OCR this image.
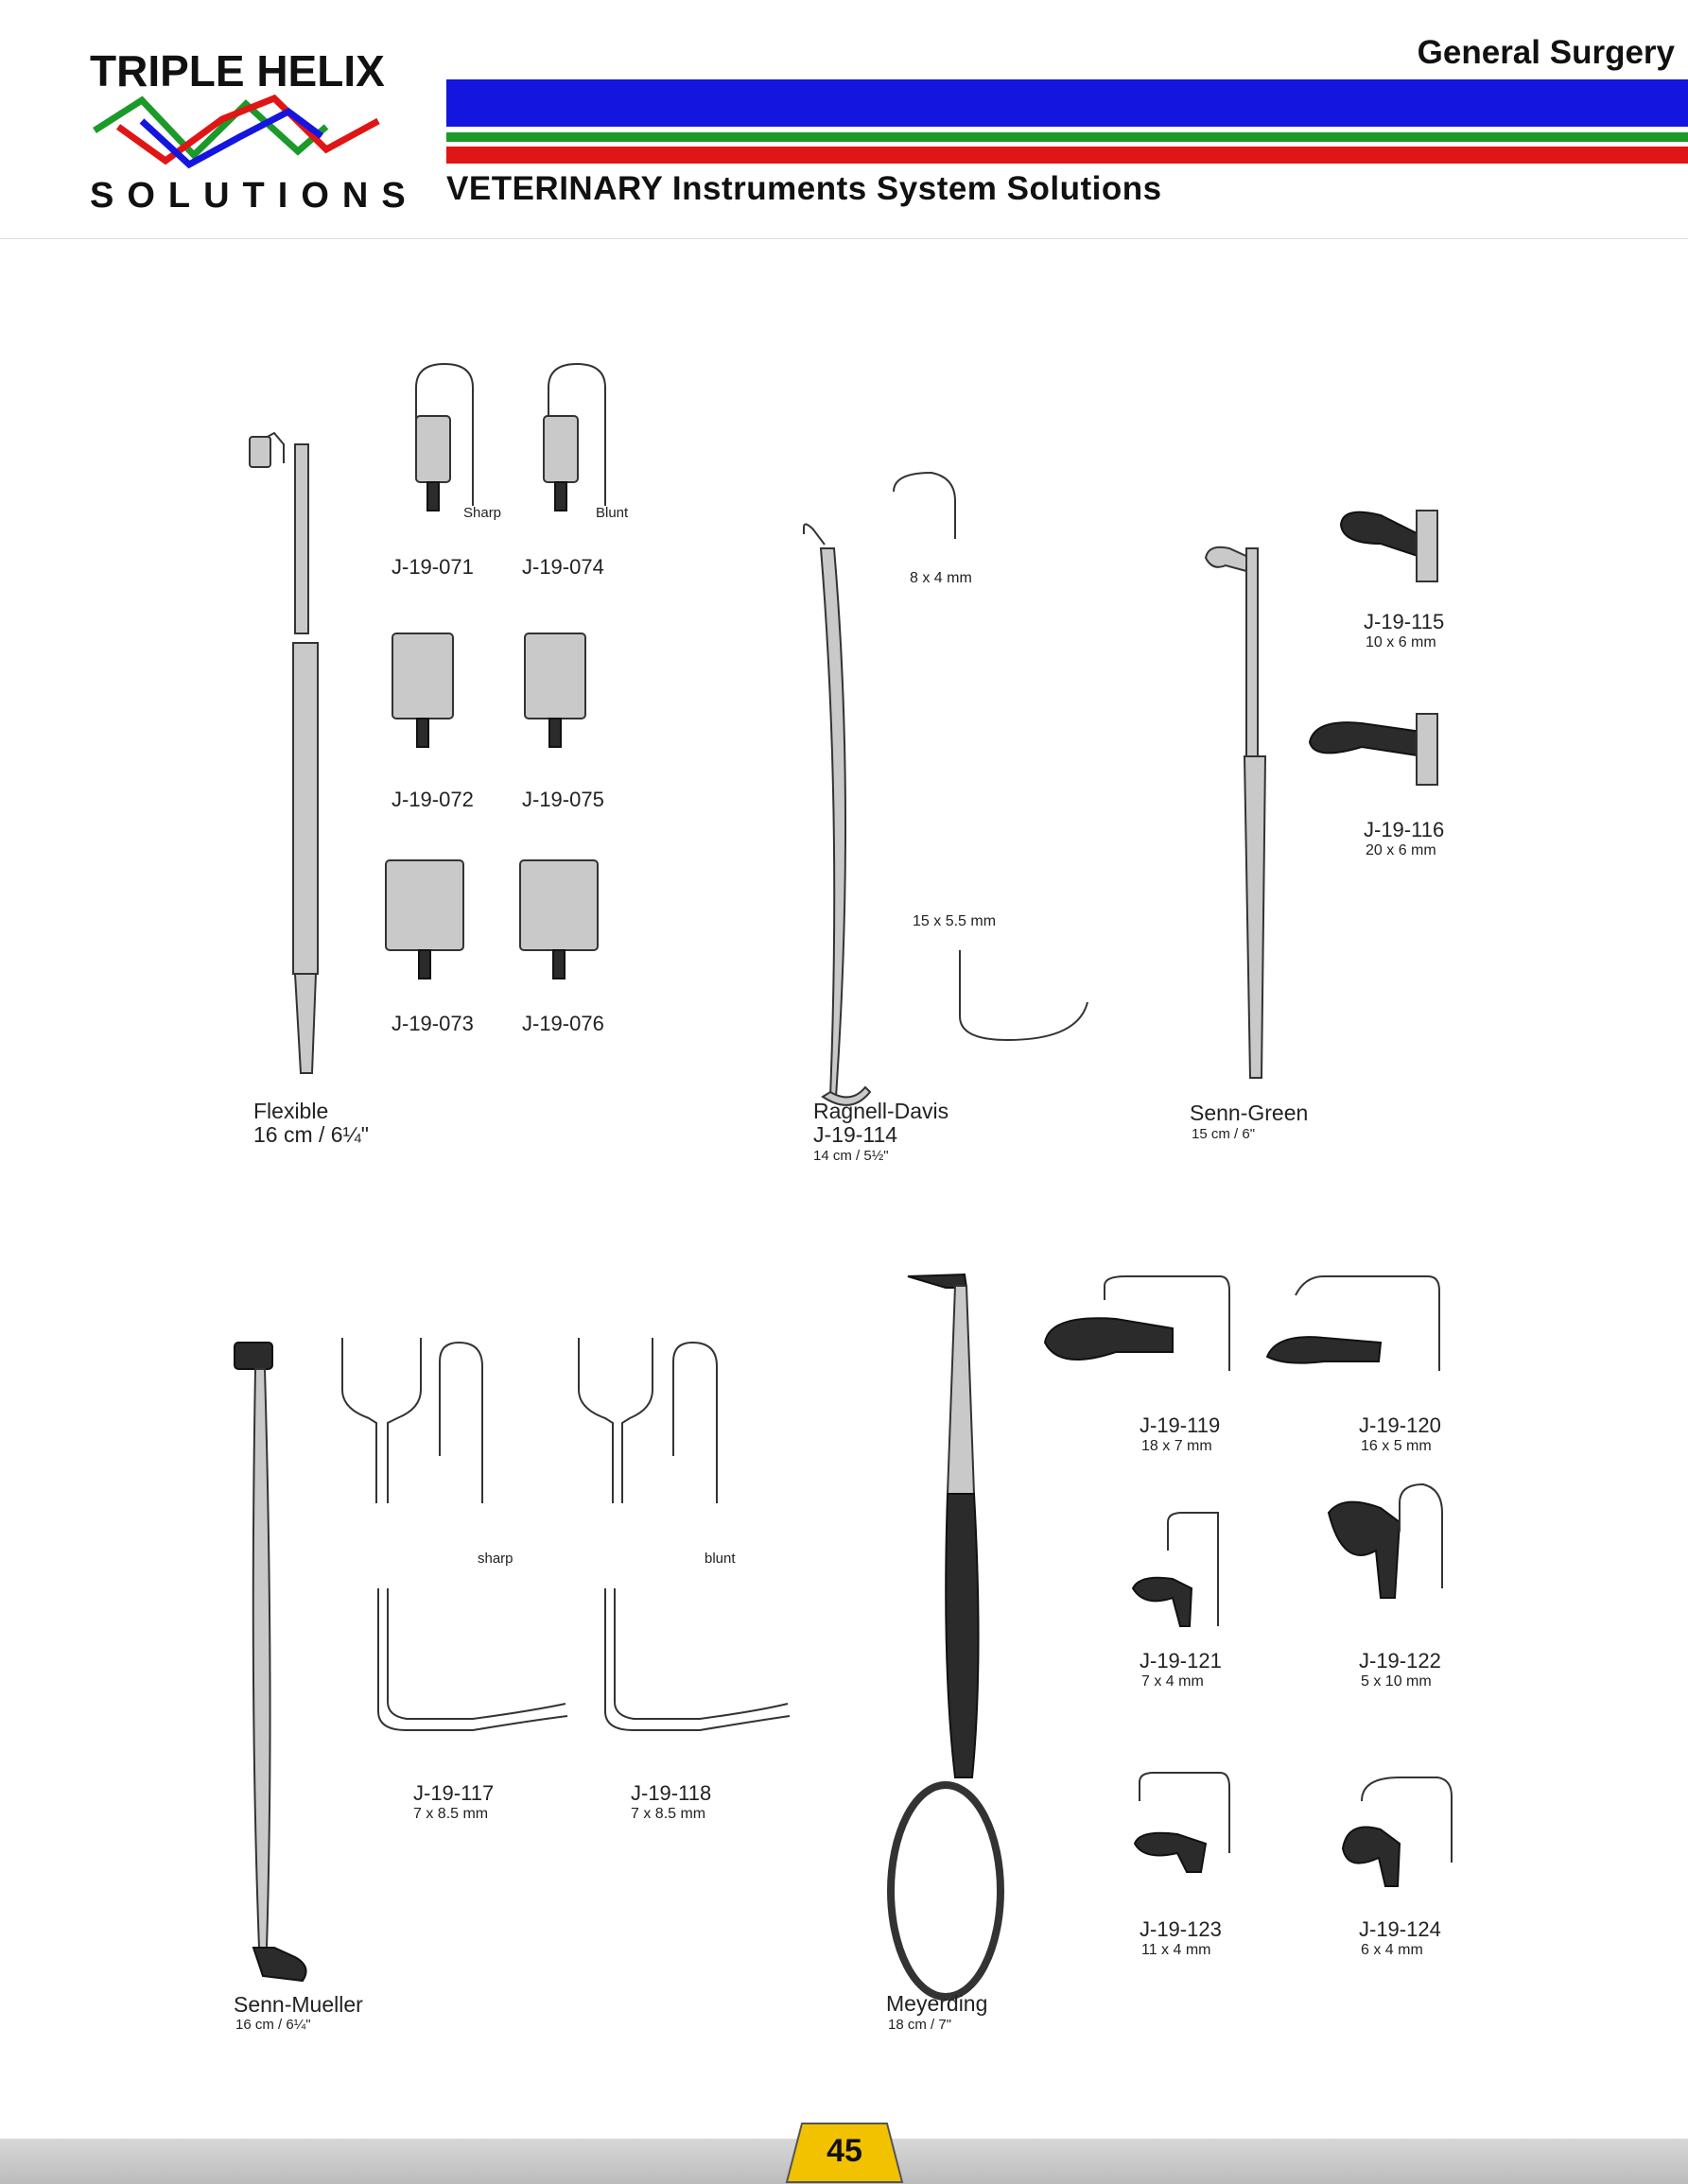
TRIPLE HELIX
SOLUTIONS
General Surgery
VETERINARY Instruments System Solutions
Sharp	Blunt
J-19-071 J-19-074
J-19-072 J-19-075
J-19-073 J-19-076
Flexible
16 cm / 6¼"
8 x 4 mm
15 x 5.5 mm
Ragnell-Davis
J-19-114
14 cm / 5½"
J-19-115
10 x 6 mm
J-19-116
20 x 6 mm
Senn-Green
15 cm / 6"
sharp	blunt
J-19-117
7 x 8.5 mm
J-19-118
7 x 8.5 mm
Senn-Mueller
16 cm / 6¼"
J-19-119
18 x 7 mm
J-19-120
16 x 5 mm
J-19-121
7 x 4 mm
J-19-122
5 x 10 mm
J-19-123
11 x 4 mm
J-19-124
6 x 4 mm
Meyerding
18 cm / 7"
45
